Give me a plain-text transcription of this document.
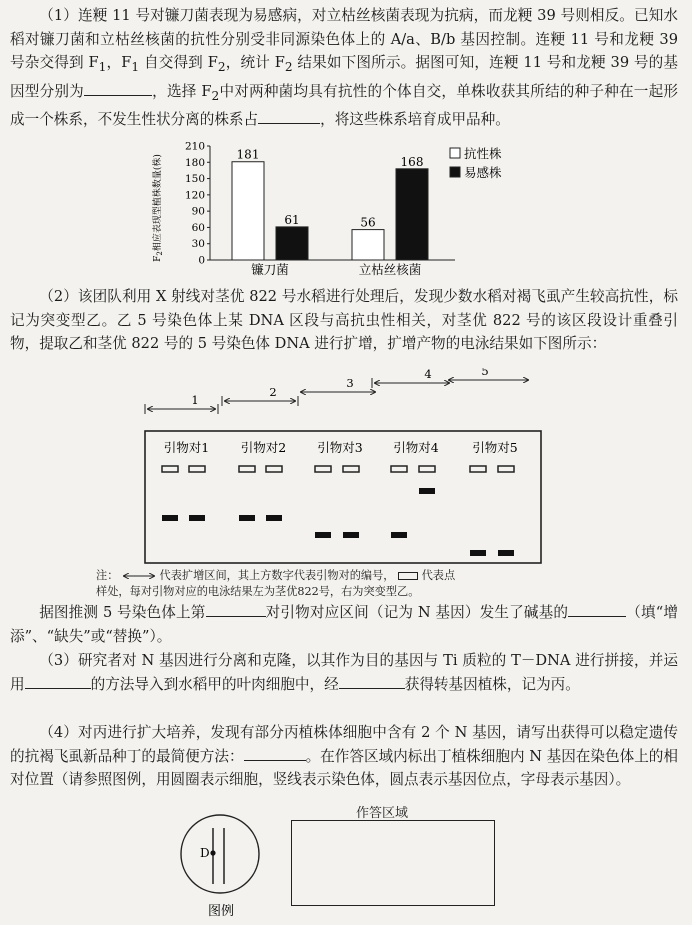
（1）连粳 11 号对镰刀菌表现为易感病，对立枯丝核菌表现为抗病，而龙粳 39 号则相反。已知水稻对镰刀菌和立枯丝核菌的抗性分别受非同源染色体上的 A/a、B/b 基因控制。连粳 11 号和龙粳 39 号杂交得到 $F_1$，$F_1$ 自交得到 $F_2$，统计 $F_2$ 结果如下图所示。据图可知，连粳 11 号和龙粳 39 号的基因型分别为	，选择 $F_2$中对两种菌均具有抗性的个体自交，单株收获其所结的种子种在一起形成一个株系，不发生性状分离的株系占	，将这些株系培育成甲品种。

$F_2$相应表现型植株数量(株)
0
30
60
90
120
150
180
210
181
61
镰刀菌
56
168
立枯丝核菌
抗性株
易感株

（2）该团队利用 X 射线对茎优 822 号水稻进行处理后，发现少数水稻对褐飞虱产生较高抗性，标记为突变型乙。乙 5 号染色体上某 DNA 区段与高抗虫性相关，对茎优 822 号的该区段设计重叠引物，提取乙和茎优 822 号的 5 号染色体 DNA 进行扩增，扩增产物的电泳结果如下图所示：

1
2
3
4	5
引物对1	引物对2 引物对3 引物对4	引物对5
注：	代表扩增区间，其上方数字代表引物对的编号， 代表点
样处，每对引物对应的电泳结果左为茎优822号，右为突变型乙。

据图推测 5 号染色体上第	对引物对应区间（记为 N 基因）发生了碱基的	（填“增添”、“缺失”或“替换”）。

（3）研究者对 N 基因进行分离和克隆，以其作为目的基因与 Ti 质粒的 T－DNA 进行拼接，并运用	的方法导入到水稻甲的叶肉细胞中，经	获得转基因植株，记为丙。

（4）对丙进行扩大培养，发现有部分丙植株体细胞中含有 2 个 N 基因，请写出获得可以稳定遗传的抗褐飞虱新品种丁的最简便方法：	。在作答区域内标出丁植株细胞内 N 基因在染色体上的相对位置（请参照图例，用圆圈表示细胞，竖线表示染色体，圆点表示基因位点，字母表示基因）。

D
图例
作答区域
